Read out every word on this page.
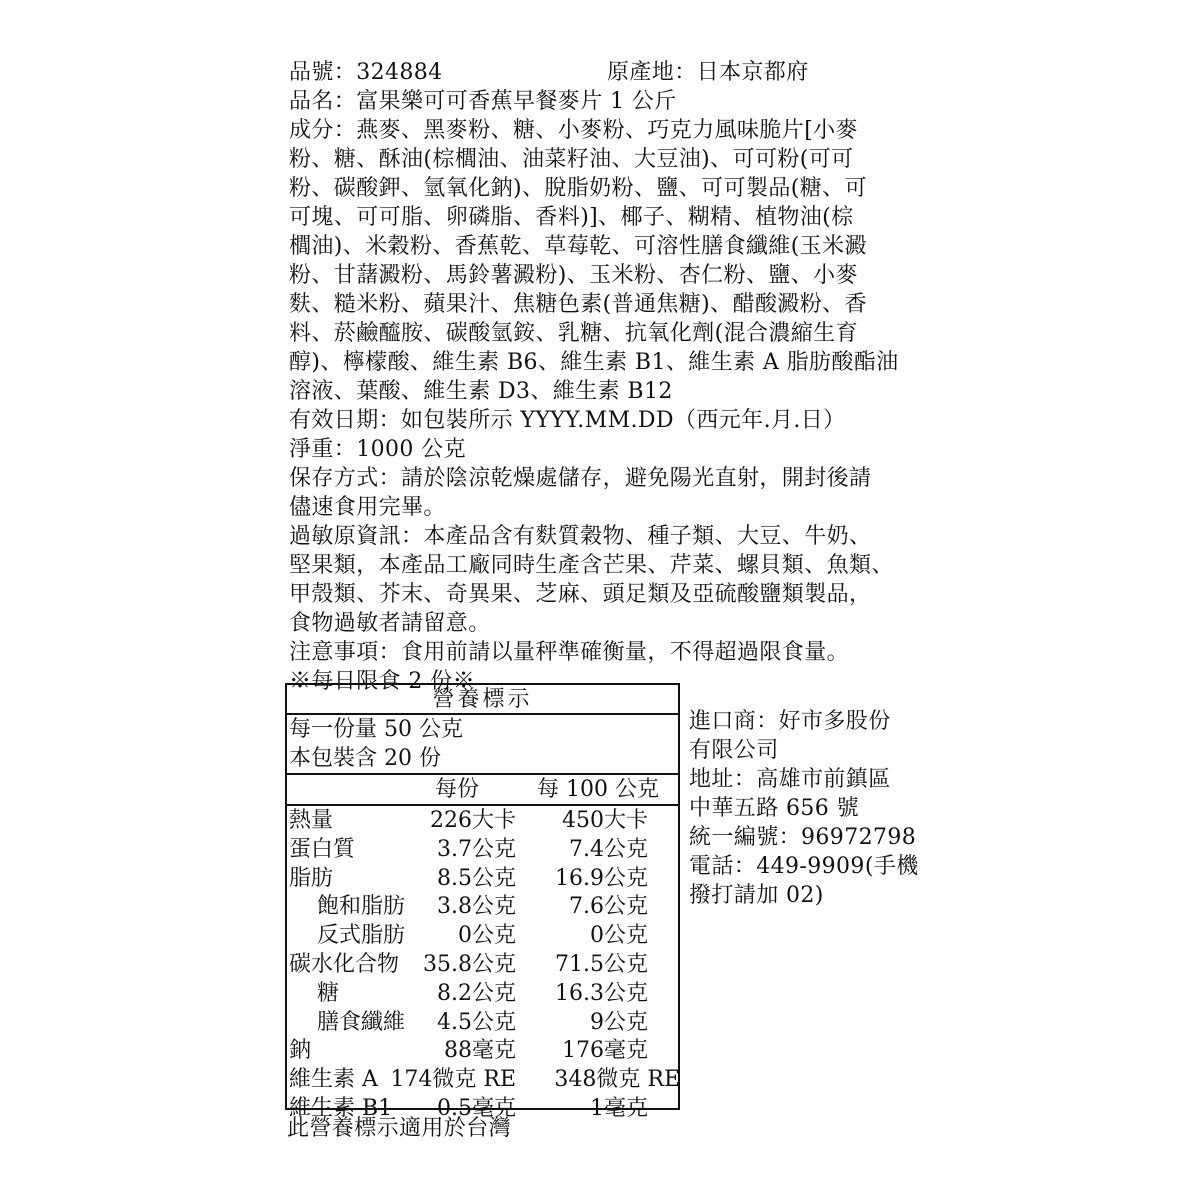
品號：324884	原產地：日本京都府
品名：富果樂可可香蕉早餐麥片 1 公斤
成分：燕麥、黑麥粉、糖、小麥粉、巧克力風味脆片[小麥
粉、糖、酥油(棕櫚油、油菜籽油、大豆油)、可可粉(可可
粉、碳酸鉀、氫氧化鈉)、脫脂奶粉、鹽、可可製品(糖、可
可塊、可可脂、卵磷脂、香料)]、椰子、糊精、植物油(棕
櫚油)、米穀粉、香蕉乾、草莓乾、可溶性膳食纖維(玉米澱
粉、甘藷澱粉、馬鈴薯澱粉)、玉米粉、杏仁粉、鹽、小麥
麩、糙米粉、蘋果汁、焦糖色素(普通焦糖)、醋酸澱粉、香
料、菸鹼醯胺、碳酸氫銨、乳糖、抗氧化劑(混合濃縮生育
醇)、檸檬酸、維生素 B6、維生素 B1、維生素 A 脂肪酸酯油
溶液、葉酸、維生素 D3、維生素 B12
有效日期：如包裝所示 YYYY.MM.DD（西元年.月.日）
淨重：1000 公克
保存方式：請於陰涼乾燥處儲存，避免陽光直射，開封後請
儘速食用完畢。
過敏原資訊：本產品含有麩質穀物、種子類、大豆、牛奶、
堅果類，本產品工廠同時生產含芒果、芹菜、螺貝類、魚類、
甲殼類、芥末、奇異果、芝麻、頭足類及亞硫酸鹽類製品，
食物過敏者請留意。
注意事項：食用前請以量秤準確衡量，不得超過限食量。
※每日限食 2 份※
營養標示
每一份量 50 公克
本包裝含 20 份
每份	每 100 公克
熱量	226大卡 450大卡
蛋白質	3.7公克 7.4公克
脂肪	8.5公克 16.9公克
飽和脂肪 3.8公克 7.6公克
反式脂肪 0公克	0公克
碳水化合物 35.8公克 71.5公克
糖	8.2公克 16.3公克
膳食纖維 4.5公克	9公克
鈉	88毫克 176毫克
維生素 A 174微克 RE 348微克 RE
維生素 B1 0.5毫克	1毫克
進口商：好市多股份
有限公司
地址：高雄市前鎮區
中華五路 656 號
統一編號：96972798
電話：449-9909(手機
撥打請加 02)
此營養標示適用於台灣
